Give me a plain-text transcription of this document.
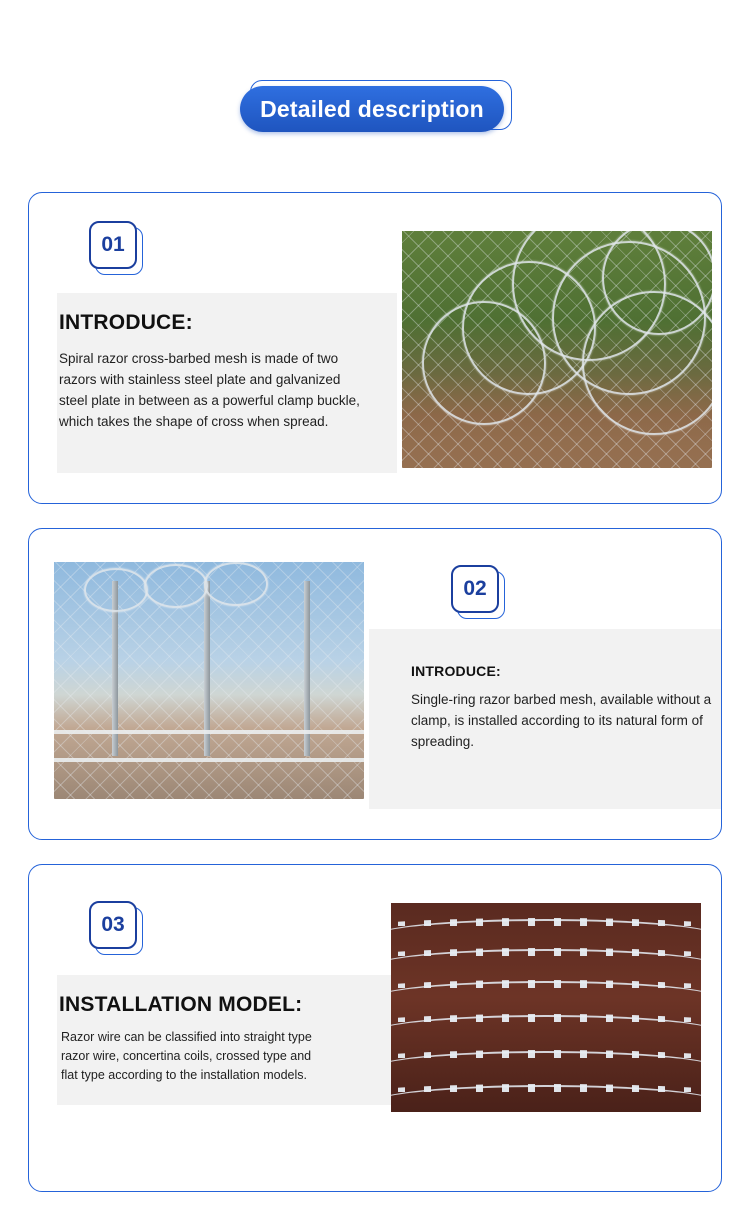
Detailed description
01
INTRODUCE:
Spiral razor cross-barbed mesh is made of two razors with stainless steel plate and galvanized steel plate in between as a powerful clamp buckle, which takes the shape of cross when spread.
02
INTRODUCE:
Single-ring razor barbed mesh, available without a clamp, is installed according to its natural form of spreading.
03
INSTALLATION MODEL:
Razor wire can be classified into straight type razor wire, concertina coils, crossed type and flat type according to the installation models.
